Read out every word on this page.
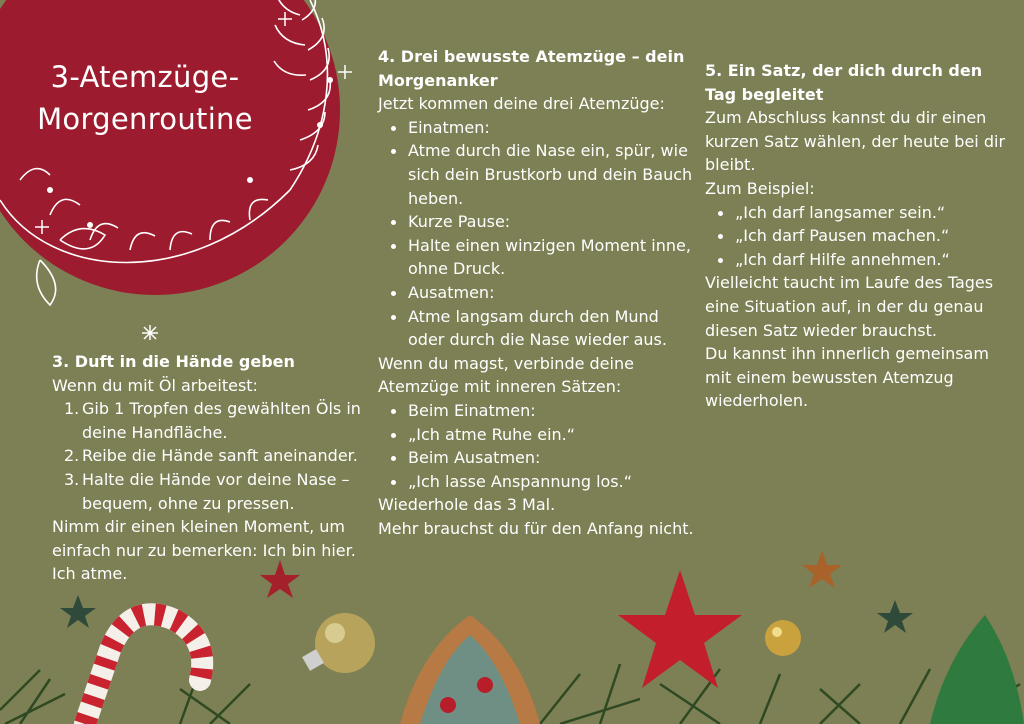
3-Atemzüge-
Morgenroutine
3. Duft in die Hände geben

Wenn du mit Öl arbeitest:

1. Gib 1 Tropfen des gewählten Öls in deine Handfläche.
2. Reibe die Hände sanft aneinander.
3. Halte die Hände vor deine Nase – bequem, ohne zu pressen.

Nimm dir einen kleinen Moment, um einfach nur zu bemerken: Ich bin hier. Ich atme.

4. Drei bewusste Atemzüge – dein Morgenanker

Jetzt kommen deine drei Atemzüge:

Einatmen:
Atme durch die Nase ein, spür, wie sich dein Brustkorb und dein Bauch heben.
Kurze Pause:
Halte einen winzigen Moment inne, ohne Druck.
Ausatmen:
Atme langsam durch den Mund oder durch die Nase wieder aus.

Wenn du magst, verbinde deine Atemzüge mit inneren Sätzen:

Beim Einatmen:
„Ich atme Ruhe ein.“
Beim Ausatmen:
„Ich lasse Anspannung los.“

Wiederhole das 3 Mal.

Mehr brauchst du für den Anfang nicht.

5. Ein Satz, der dich durch den Tag begleitet

Zum Abschluss kannst du dir einen kurzen Satz wählen, der heute bei dir bleibt.

Zum Beispiel:

„Ich darf langsamer sein.“
„Ich darf Pausen machen.“
„Ich darf Hilfe annehmen.“

Vielleicht taucht im Laufe des Tages eine Situation auf, in der du genau diesen Satz wieder brauchst.

Du kannst ihn innerlich gemeinsam mit einem bewussten Atemzug wiederholen.
